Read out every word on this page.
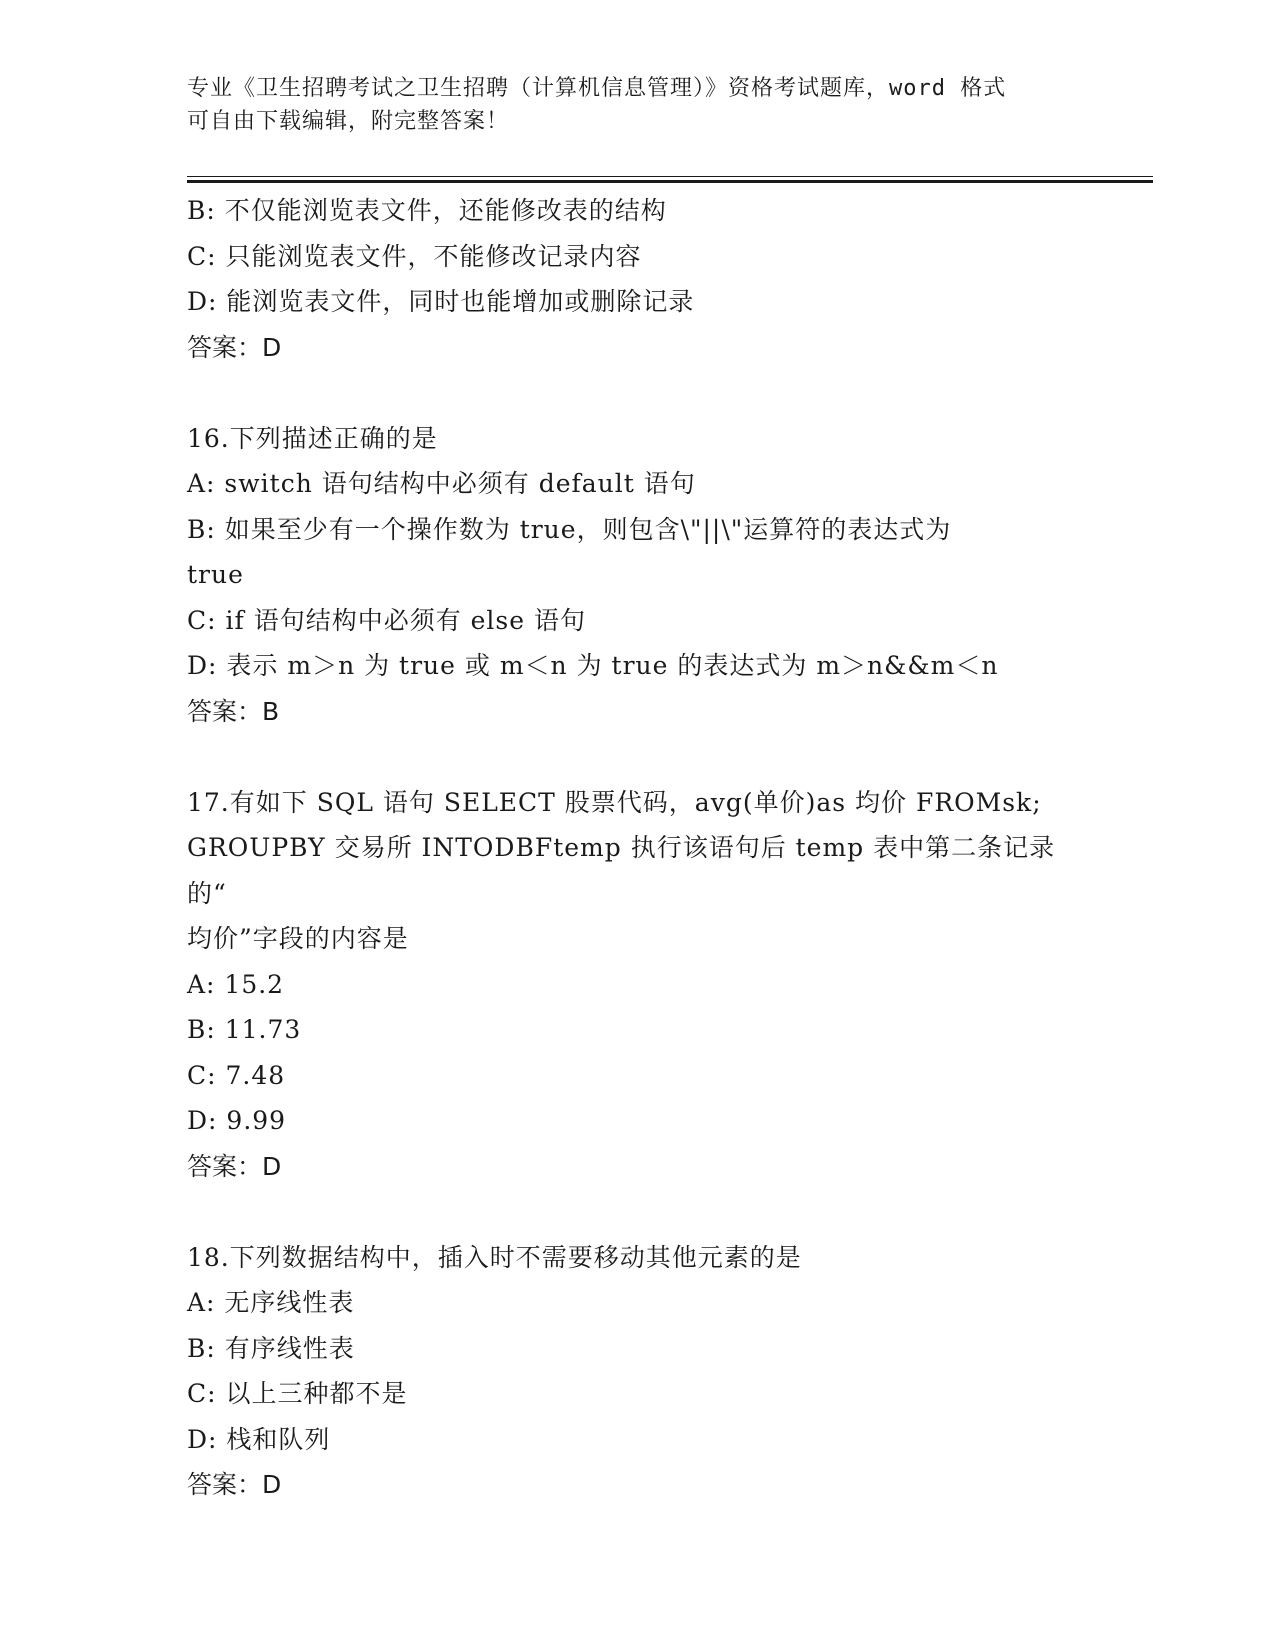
专业《卫生招聘考试之卫生招聘（计算机信息管理）》资格考试题库，word 格式
可自由下载编辑，附完整答案！
B: 不仅能浏览表文件，还能修改表的结构
C: 只能浏览表文件，不能修改记录内容
D: 能浏览表文件，同时也能增加或删除记录
答案：D
16.下列描述正确的是
A: switch 语句结构中必须有 default 语句
B: 如果至少有一个操作数为 true，则包含\"||\"运算符的表达式为
true
C: if 语句结构中必须有 else 语句
D: 表示 m＞n 为 true 或 m＜n 为 true 的表达式为 m＞n&&m＜n
答案：B
17.有如下 SQL 语句 SELECT 股票代码，avg(单价)as 均价 FROMsk;
GROUPBY 交易所 INTODBFtemp 执行该语句后 temp 表中第二条记录的“
均价”字段的内容是
A: 15.2
B: 11.73
C: 7.48
D: 9.99
答案：D
18.下列数据结构中，插入时不需要移动其他元素的是
A: 无序线性表
B: 有序线性表
C: 以上三种都不是
D: 栈和队列
答案：D
